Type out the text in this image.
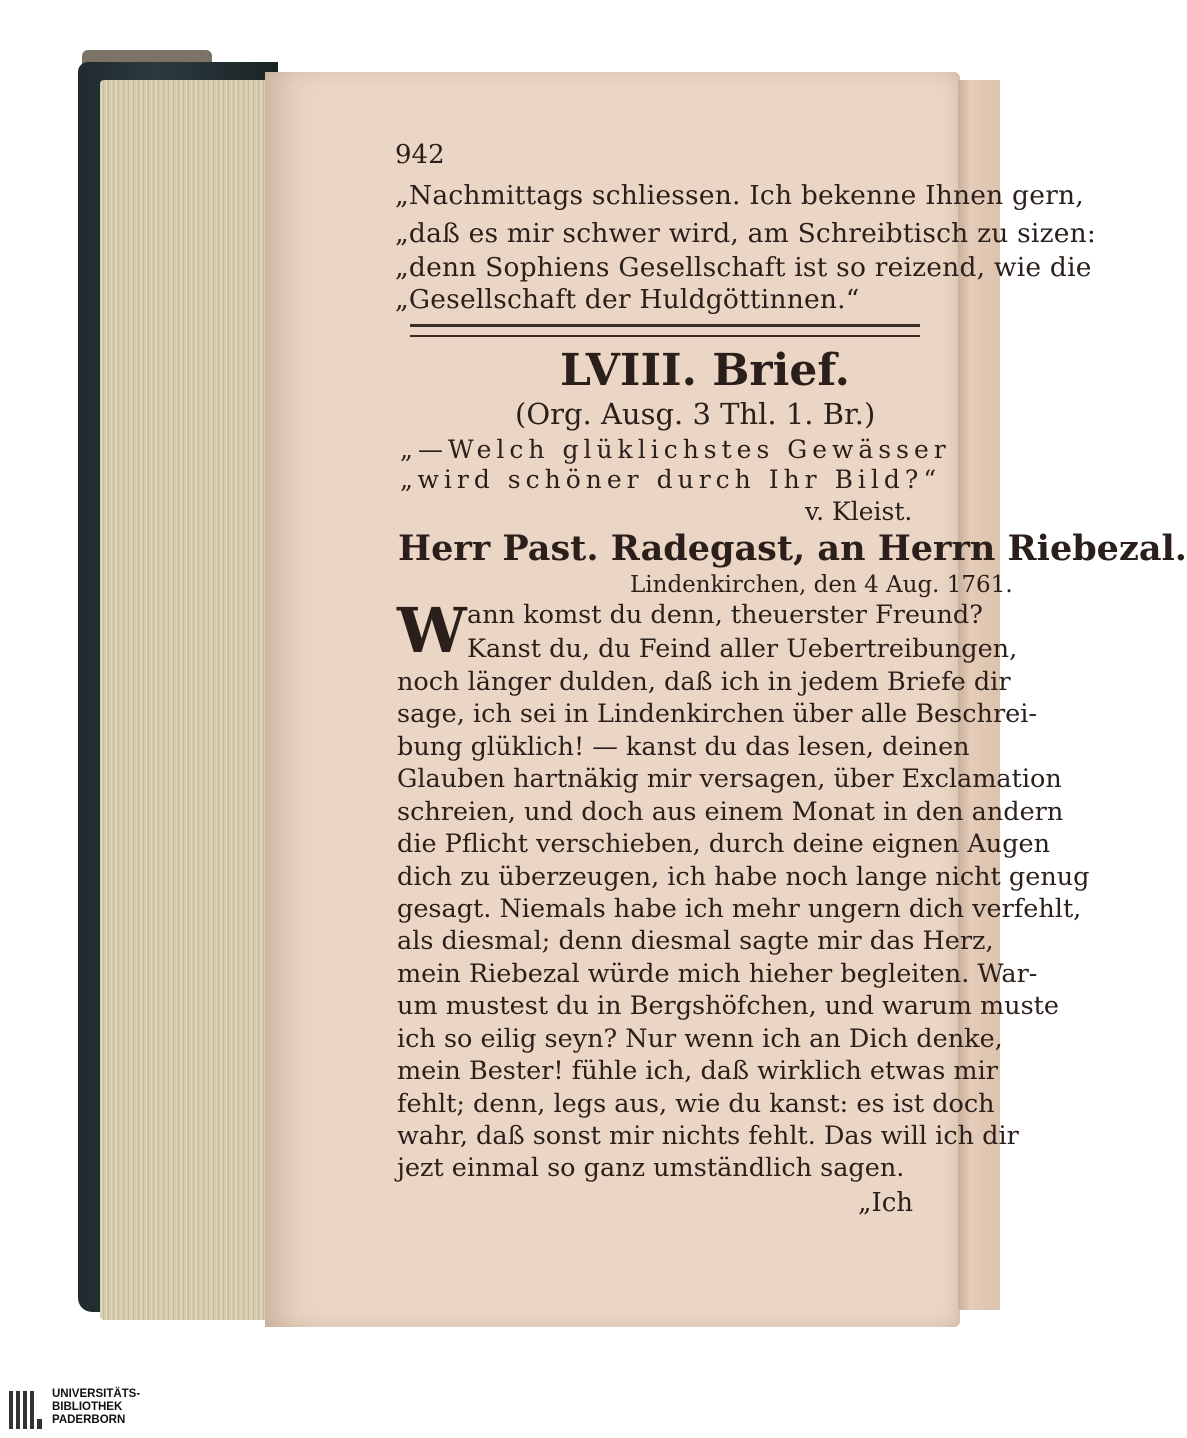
942
„Nachmittags schliessen. Ich bekenne Ihnen gern,
„daß es mir schwer wird, am Schreibtisch zu sizen:
„denn Sophiens Gesellschaft ist so reizend, wie die
„Gesellschaft der Huldgöttinnen.“
LVIII. Brief.
(Org. Ausg. 3 Thl. 1. Br.)
„—Welch glüklichstes Gewässer
„wird schöner durch Ihr Bild?“
v. Kleist.
Herr Past. Radegast, an Herrn Riebezal.
Lindenkirchen, den 4 Aug. 1761.
W ann komst du denn, theuerster Freund?
Kanst du, du Feind aller Uebertreibungen,
noch länger dulden, daß ich in jedem Briefe dir
sage, ich sei in Lindenkirchen über alle Beschrei-
bung glüklich! — kanst du das lesen, deinen
Glauben hartnäkig mir versagen, über Exclamation
schreien, und doch aus einem Monat in den andern
die Pflicht verschieben, durch deine eignen Augen
dich zu überzeugen, ich habe noch lange nicht genug
gesagt. Niemals habe ich mehr ungern dich verfehlt,
als diesmal; denn diesmal sagte mir das Herz,
mein Riebezal würde mich hieher begleiten. War-
um mustest du in Bergshöfchen, und warum muste
ich so eilig seyn? Nur wenn ich an Dich denke,
mein Bester! fühle ich, daß wirklich etwas mir
fehlt; denn, legs aus, wie du kanst: es ist doch
wahr, daß sonst mir nichts fehlt. Das will ich dir
jezt einmal so ganz umständlich sagen.
„Ich
UNIVERSITÄTS-
BIBLIOTHEK
PADERBORN
